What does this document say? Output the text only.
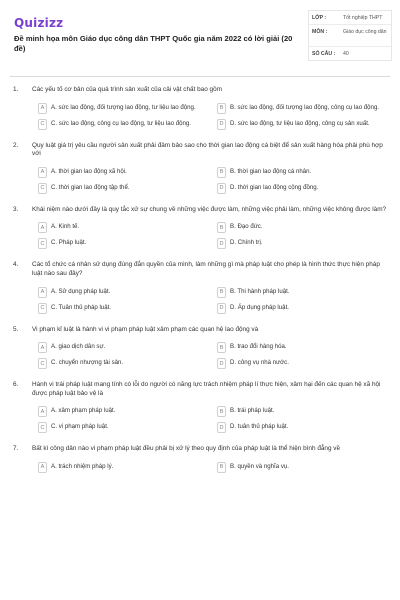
Quizizz
Đề minh họa môn Giáo dục công dân THPT Quốc gia năm 2022 có lời giải (20 đề)
LỚP :	Tốt nghiệp THPT
MÔN :	Giáo dục công dân
SỐ CÂU :	40
1.	Các yếu tố cơ bản của quá trình sản xuất của cải vật chất bao gồm
A	A. sức lao động, đối tượng lao động, tư liệu lao động.	B	B. sức lao động, đối tượng lao động, công cụ lao động.
C	C. sức lao động, công cụ lao động, tư liệu lao động.	D	D. sức lao động, tư liệu lao động, công cụ sản xuất.
2.	Quy luật giá trị yêu cầu người sản xuất phải đảm bảo sao cho thời gian lao động cá biệt để sản xuất hàng hóa phải phù hợp với
A	A. thời gian lao động xã hội.	B	B. thời gian lao động cá nhân.
C	C. thời gian lao động tập thể.	D	D. thời gian lao động cộng đồng.
3.	Khái niệm nào dưới đây là quy tắc xử sự chung về những việc được làm, những việc phải làm, những việc không được làm?
A	A. Kinh tế.	B	B. Đạo đức.
C	C. Pháp luật.	D	D. Chính trị.
4.	Các tổ chức cá nhân sử dụng đúng đắn quyền của mình, làm những gì mà pháp luật cho phép là hình thức thực hiện pháp luật nào sau đây?
A	A. Sử dụng pháp luật.	B	B. Thi hành pháp luật.
C	C. Tuân thủ pháp luật.	D	D. Áp dụng pháp luật.
5.	Vi phạm kỉ luật là hành vi vi phạm pháp luật xâm phạm các quan hệ lao động và
A	A. giao dịch dân sự.	B	B. trao đổi hàng hóa.
C	C. chuyển nhượng tài sản.	D	D. công vụ nhà nước.
6.	Hành vi trái pháp luật mang tính có lỗi do người có năng lực trách nhiệm pháp lí thực hiện, xâm hại đến các quan hệ xã hội được pháp luật bảo vệ là
A	A. xâm phạm pháp luật.	B	B. trái pháp luật.
C	C. vi phạm pháp luật.	D	D. tuân thủ pháp luật.
7.	Bất kì công dân nào vi phạm pháp luật đều phải bị xử lý theo quy định của pháp luật là thể hiện bình đẳng về
A	A. trách nhiệm pháp lý.	B	B. quyền và nghĩa vụ.
